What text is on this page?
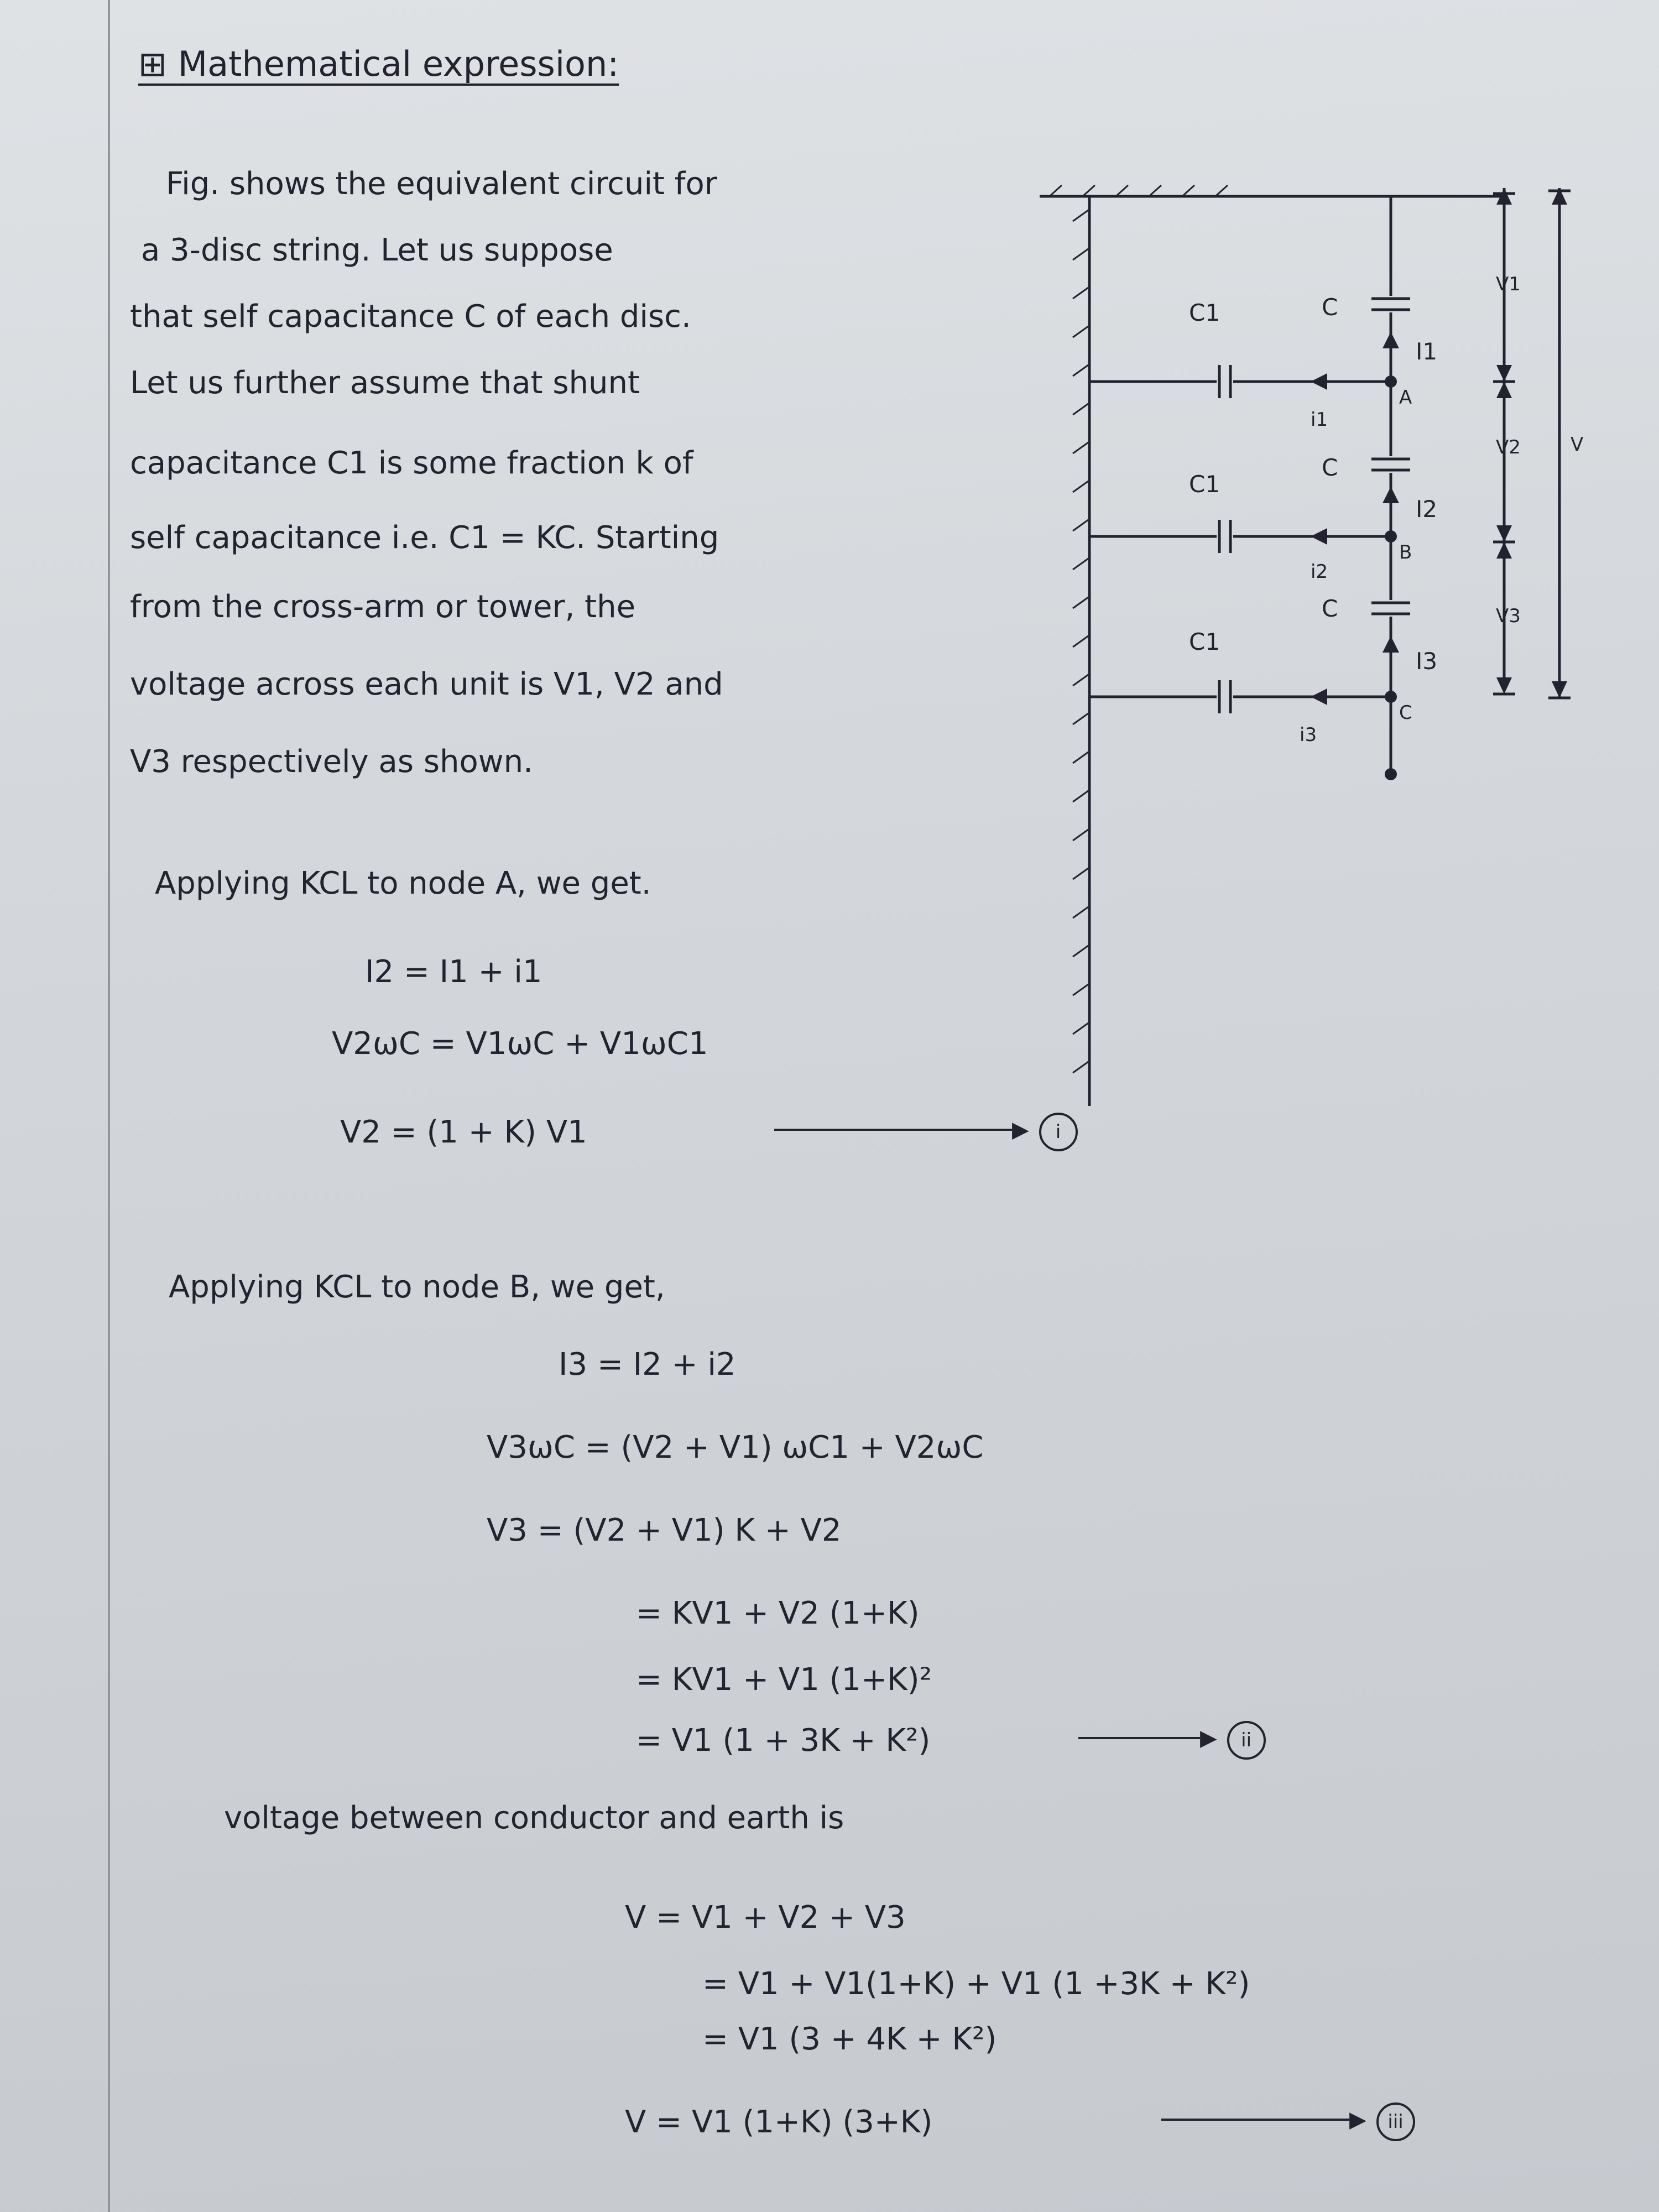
⊞ Mathematical expression:
Fig. shows the equivalent circuit for
a 3-disc string. Let us suppose
that self capacitance C of each disc.
Let us further assume that shunt
capacitance C1 is some fraction k of
self capacitance i.e. C1 = KC. Starting
from the cross-arm or tower, the
voltage across each unit is V1, V2 and
V3 respectively as shown.
Applying KCL to node A, we get.
I2 = I1 + i1
V2ωC = V1ωC + V1ωC1
V2 = (1 + K) V1	▶ i
Applying KCL to node B, we get,
I3 = I2 + i2
V3ωC = (V2 + V1) ωC1 + V2ωC
V3 = (V2 + V1) K + V2
= KV1 + V2 (1+K)
= KV1 + V1 (1+K)²
= V1 (1 + 3K + K²)	▶ ii
voltage between conductor and earth is
V = V1 + V2 + V3
= V1 + V1(1+K) + V1 (1 +3K + K²)
= V1 (3 + 4K + K²)
V = V1 (1+K) (3+K)	▶ iii
C1
C1
C1
C
C
C
I1
I2
I3
i1
i2
i3
A
B
C
V1
V2
V3
V
